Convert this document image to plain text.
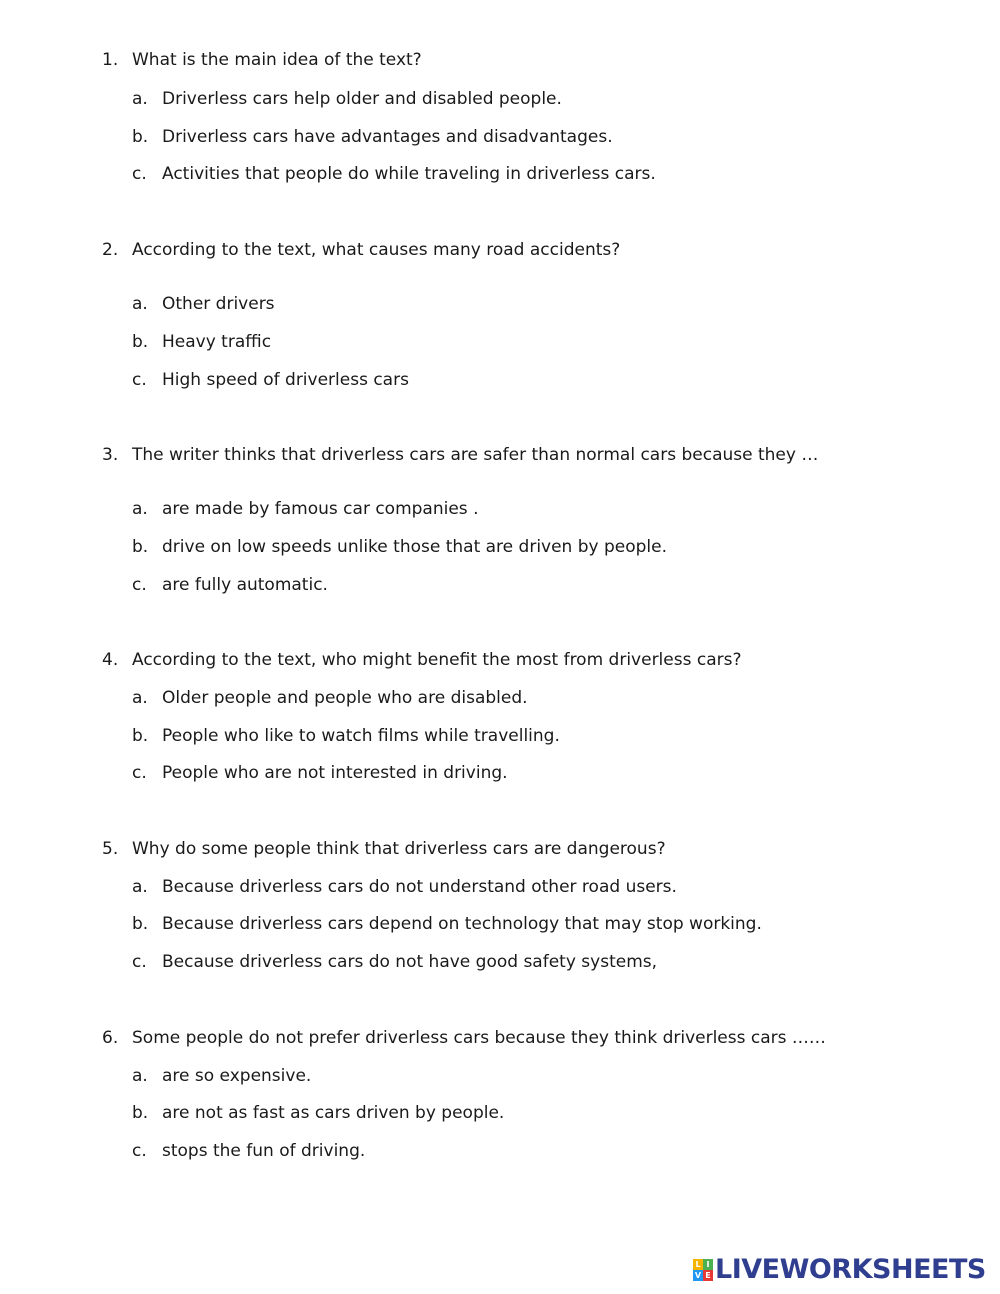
1. What is the main idea of the text?
a. Driverless cars help older and disabled people.
b. Driverless cars have advantages and disadvantages.
c. Activities that people do while traveling in driverless cars.
2. According to the text, what causes many road accidents?
a. Other drivers
b. Heavy traffic
c. High speed of driverless cars
3. The writer thinks that driverless cars are safer than normal cars because they …
a. are made by famous car companies .
b. drive on low speeds unlike those that are driven by people.
c. are fully automatic.
4. According to the text, who might benefit the most from driverless cars?
a. Older people and people who are disabled.
b. People who like to watch films while travelling.
c. People who are not interested in driving.
5. Why do some people think that driverless cars are dangerous?
a. Because driverless cars do not understand other road users.
b. Because driverless cars depend on technology that may stop working.
c. Because driverless cars do not have good safety systems,
6. Some people do not prefer driverless cars because they think driverless cars ……
a. are so expensive.
b. are not as fast as cars driven by people.
c. stops the fun of driving.
L I
V E LIVEWORKSHEETS
